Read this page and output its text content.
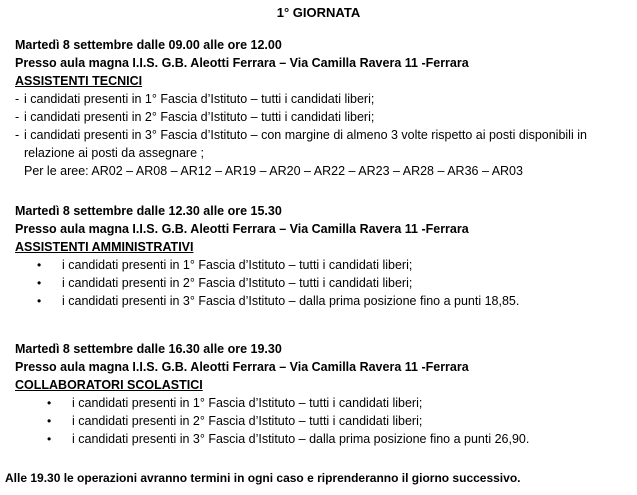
1° GIORNATA
Martedì 8 settembre dalle 09.00 alle ore 12.00
Presso aula magna I.I.S. G.B. Aleotti Ferrara – Via Camilla Ravera 11 -Ferrara
ASSISTENTI TECNICI
- i candidati presenti in 1° Fascia d’Istituto – tutti i candidati liberi;
- i candidati presenti in 2° Fascia d’Istituto – tutti i candidati liberi;
- i candidati presenti in 3° Fascia d’Istituto – con margine di almeno 3 volte rispetto ai posti disponibili in
relazione ai posti da assegnare ;
Per le aree: AR02 – AR08 – AR12 – AR19 – AR20 – AR22 – AR23 – AR28 – AR36 – AR03
Martedì 8 settembre dalle 12.30 alle ore 15.30
Presso aula magna I.I.S. G.B. Aleotti Ferrara – Via Camilla Ravera 11 -Ferrara
ASSISTENTI AMMINISTRATIVI
• i candidati presenti in 1° Fascia d’Istituto – tutti i candidati liberi;
• i candidati presenti in 2° Fascia d’Istituto – tutti i candidati liberi;
• i candidati presenti in 3° Fascia d’Istituto – dalla prima posizione fino a punti 18,85.
Martedì 8 settembre dalle 16.30 alle ore 19.30
Presso aula magna I.I.S. G.B. Aleotti Ferrara – Via Camilla Ravera 11 -Ferrara
COLLABORATORI SCOLASTICI
• i candidati presenti in 1° Fascia d’Istituto – tutti i candidati liberi;
• i candidati presenti in 2° Fascia d’Istituto – tutti i candidati liberi;
• i candidati presenti in 3° Fascia d’Istituto – dalla prima posizione fino a punti 26,90.
Alle 19.30 le operazioni avranno termini in ogni caso e riprenderanno il giorno successivo.
